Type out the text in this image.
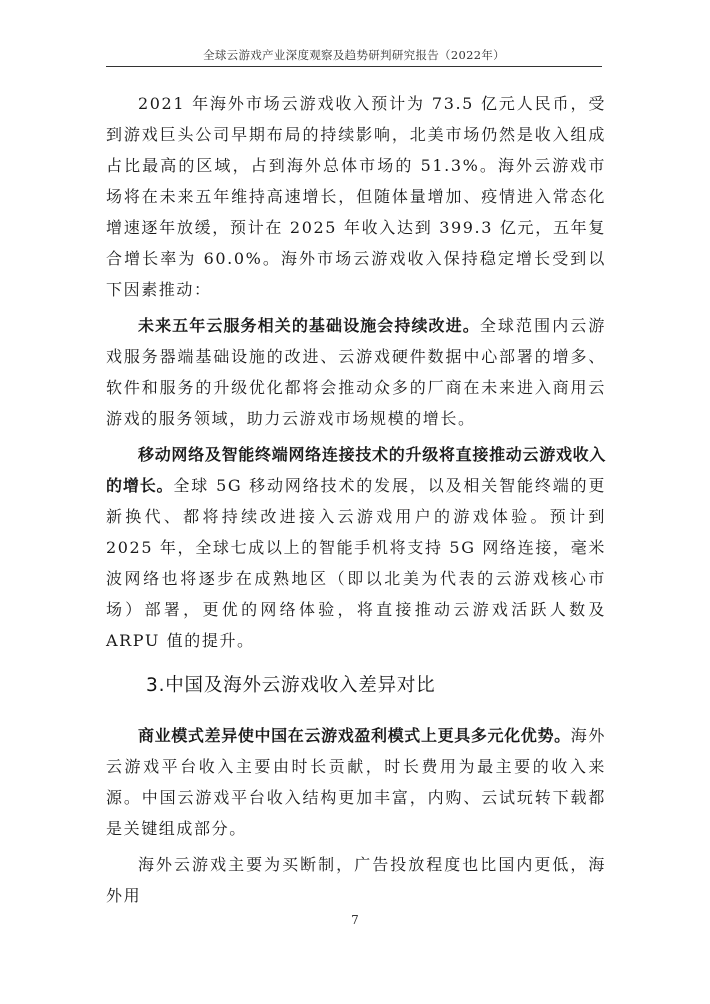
全球云游戏产业深度观察及趋势研判研究报告（2022年）

2021 年海外市场云游戏收入预计为 73.5 亿元人民币，受到游戏巨头公司早期布局的持续影响，北美市场仍然是收入组成占比最高的区域，占到海外总体市场的 51.3%。海外云游戏市场将在未来五年维持高速增长，但随体量增加、疫情进入常态化增速逐年放缓，预计在 2025 年收入达到 399.3 亿元，五年复合增长率为 60.0%。海外市场云游戏收入保持稳定增长受到以下因素推动：

未来五年云服务相关的基础设施会持续改进。全球范围内云游戏服务器端基础设施的改进、云游戏硬件数据中心部署的增多、软件和服务的升级优化都将会推动众多的厂商在未来进入商用云游戏的服务领域，助力云游戏市场规模的增长。

移动网络及智能终端网络连接技术的升级将直接推动云游戏收入的增长。全球 5G 移动网络技术的发展，以及相关智能终端的更新换代、都将持续改进接入云游戏用户的游戏体验。预计到 2025 年，全球七成以上的智能手机将支持 5G 网络连接，毫米波网络也将逐步在成熟地区（即以北美为代表的云游戏核心市场）部署，更优的网络体验，将直接推动云游戏活跃人数及 ARPU 值的提升。

3.中国及海外云游戏收入差异对比

商业模式差异使中国在云游戏盈利模式上更具多元化优势。海外云游戏平台收入主要由时长贡献，时长费用为最主要的收入来源。中国云游戏平台收入结构更加丰富，内购、云试玩转下载都是关键组成部分。

海外云游戏主要为买断制，广告投放程度也比国内更低，海外用

7
